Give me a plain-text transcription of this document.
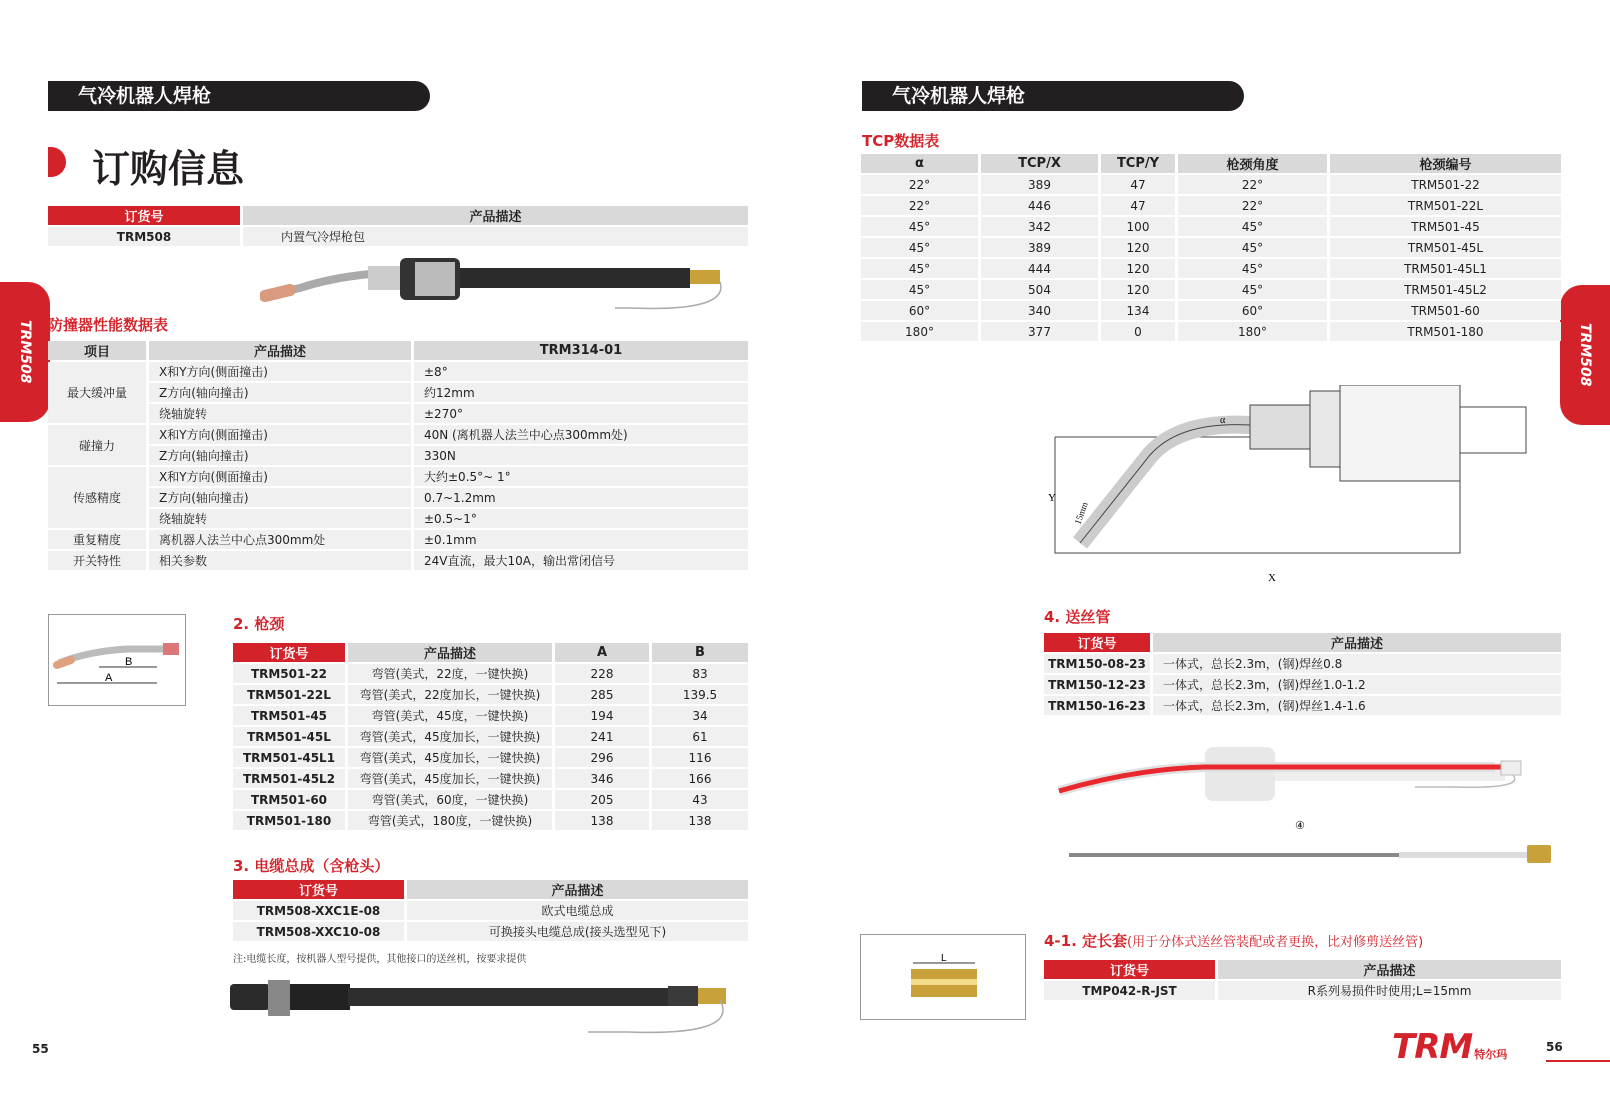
气冷机器人焊枪
订购信息
TRM508
订货号	产品描述
TRM508	内置气冷焊枪包
防撞器性能数据表
项目	产品描述	TRM314-01
最大缓冲量	X和Y方向(侧面撞击)	±8°
	Z方向(轴向撞击)	约12mm
	绕轴旋转	±270°
碰撞力	X和Y方向(侧面撞击)	40N (离机器人法兰中心点300mm处)
	Z方向(轴向撞击)	330N
传感精度	X和Y方向(侧面撞击)	大约±0.5°~ 1°
	Z方向(轴向撞击)	0.7~1.2mm
	绕轴旋转	±0.5~1°
重复精度	离机器人法兰中心点300mm处	±0.1mm
开关特性	相关参数	24V直流，最大10A，输出常闭信号
B
A
2. 枪颈
订货号	产品描述	A	B
TRM501-22	弯管(美式，22度，一键快换)	228	83
TRM501-22L	弯管(美式，22度加长，一键快换)	285	139.5
TRM501-45	弯管(美式，45度，一键快换)	194	34
TRM501-45L	弯管(美式，45度加长，一键快换)	241	61
TRM501-45L1	弯管(美式，45度加长，一键快换)	296	116
TRM501-45L2	弯管(美式，45度加长，一键快换)	346	166
TRM501-60	弯管(美式，60度，一键快换)	205	43
TRM501-180	弯管(美式，180度，一键快换)	138	138
3. 电缆总成（含枪头）
订货号	产品描述
TRM508-XXC1E-08	欧式电缆总成
TRM508-XXC10-08	可换接头电缆总成(接头选型见下)
注:电缆长度，按机器人型号提供，其他接口的送丝机，按要求提供
55
气冷机器人焊枪
TRM508
TCP数据表
α	TCP/X	TCP/Y	枪颈角度	枪颈编号
22°	389	47	22°	TRM501-22
22°	446	47	22°	TRM501-22L
45°	342	100	45°	TRM501-45
45°	389	120	45°	TRM501-45L
45°	444	120	45°	TRM501-45L1
45°	504	120	45°	TRM501-45L2
60°	340	134	60°	TRM501-60
180°	377	0	180°	TRM501-180
Y
X
15mm
α
4. 送丝管
订货号	产品描述
TRM150-08-23	一体式，总长2.3m，(钢)焊丝0.8
TRM150-12-23	一体式，总长2.3m，(钢)焊丝1.0-1.2
TRM150-16-23	一体式，总长2.3m，(钢)焊丝1.4-1.6
④
L
4-1. 定长套(用于分体式送丝管装配或者更换，比对修剪送丝管)
订货号	产品描述
TMP042-R-JST	R系列易损件时使用;L=15mm
TRM 特尔玛
56
